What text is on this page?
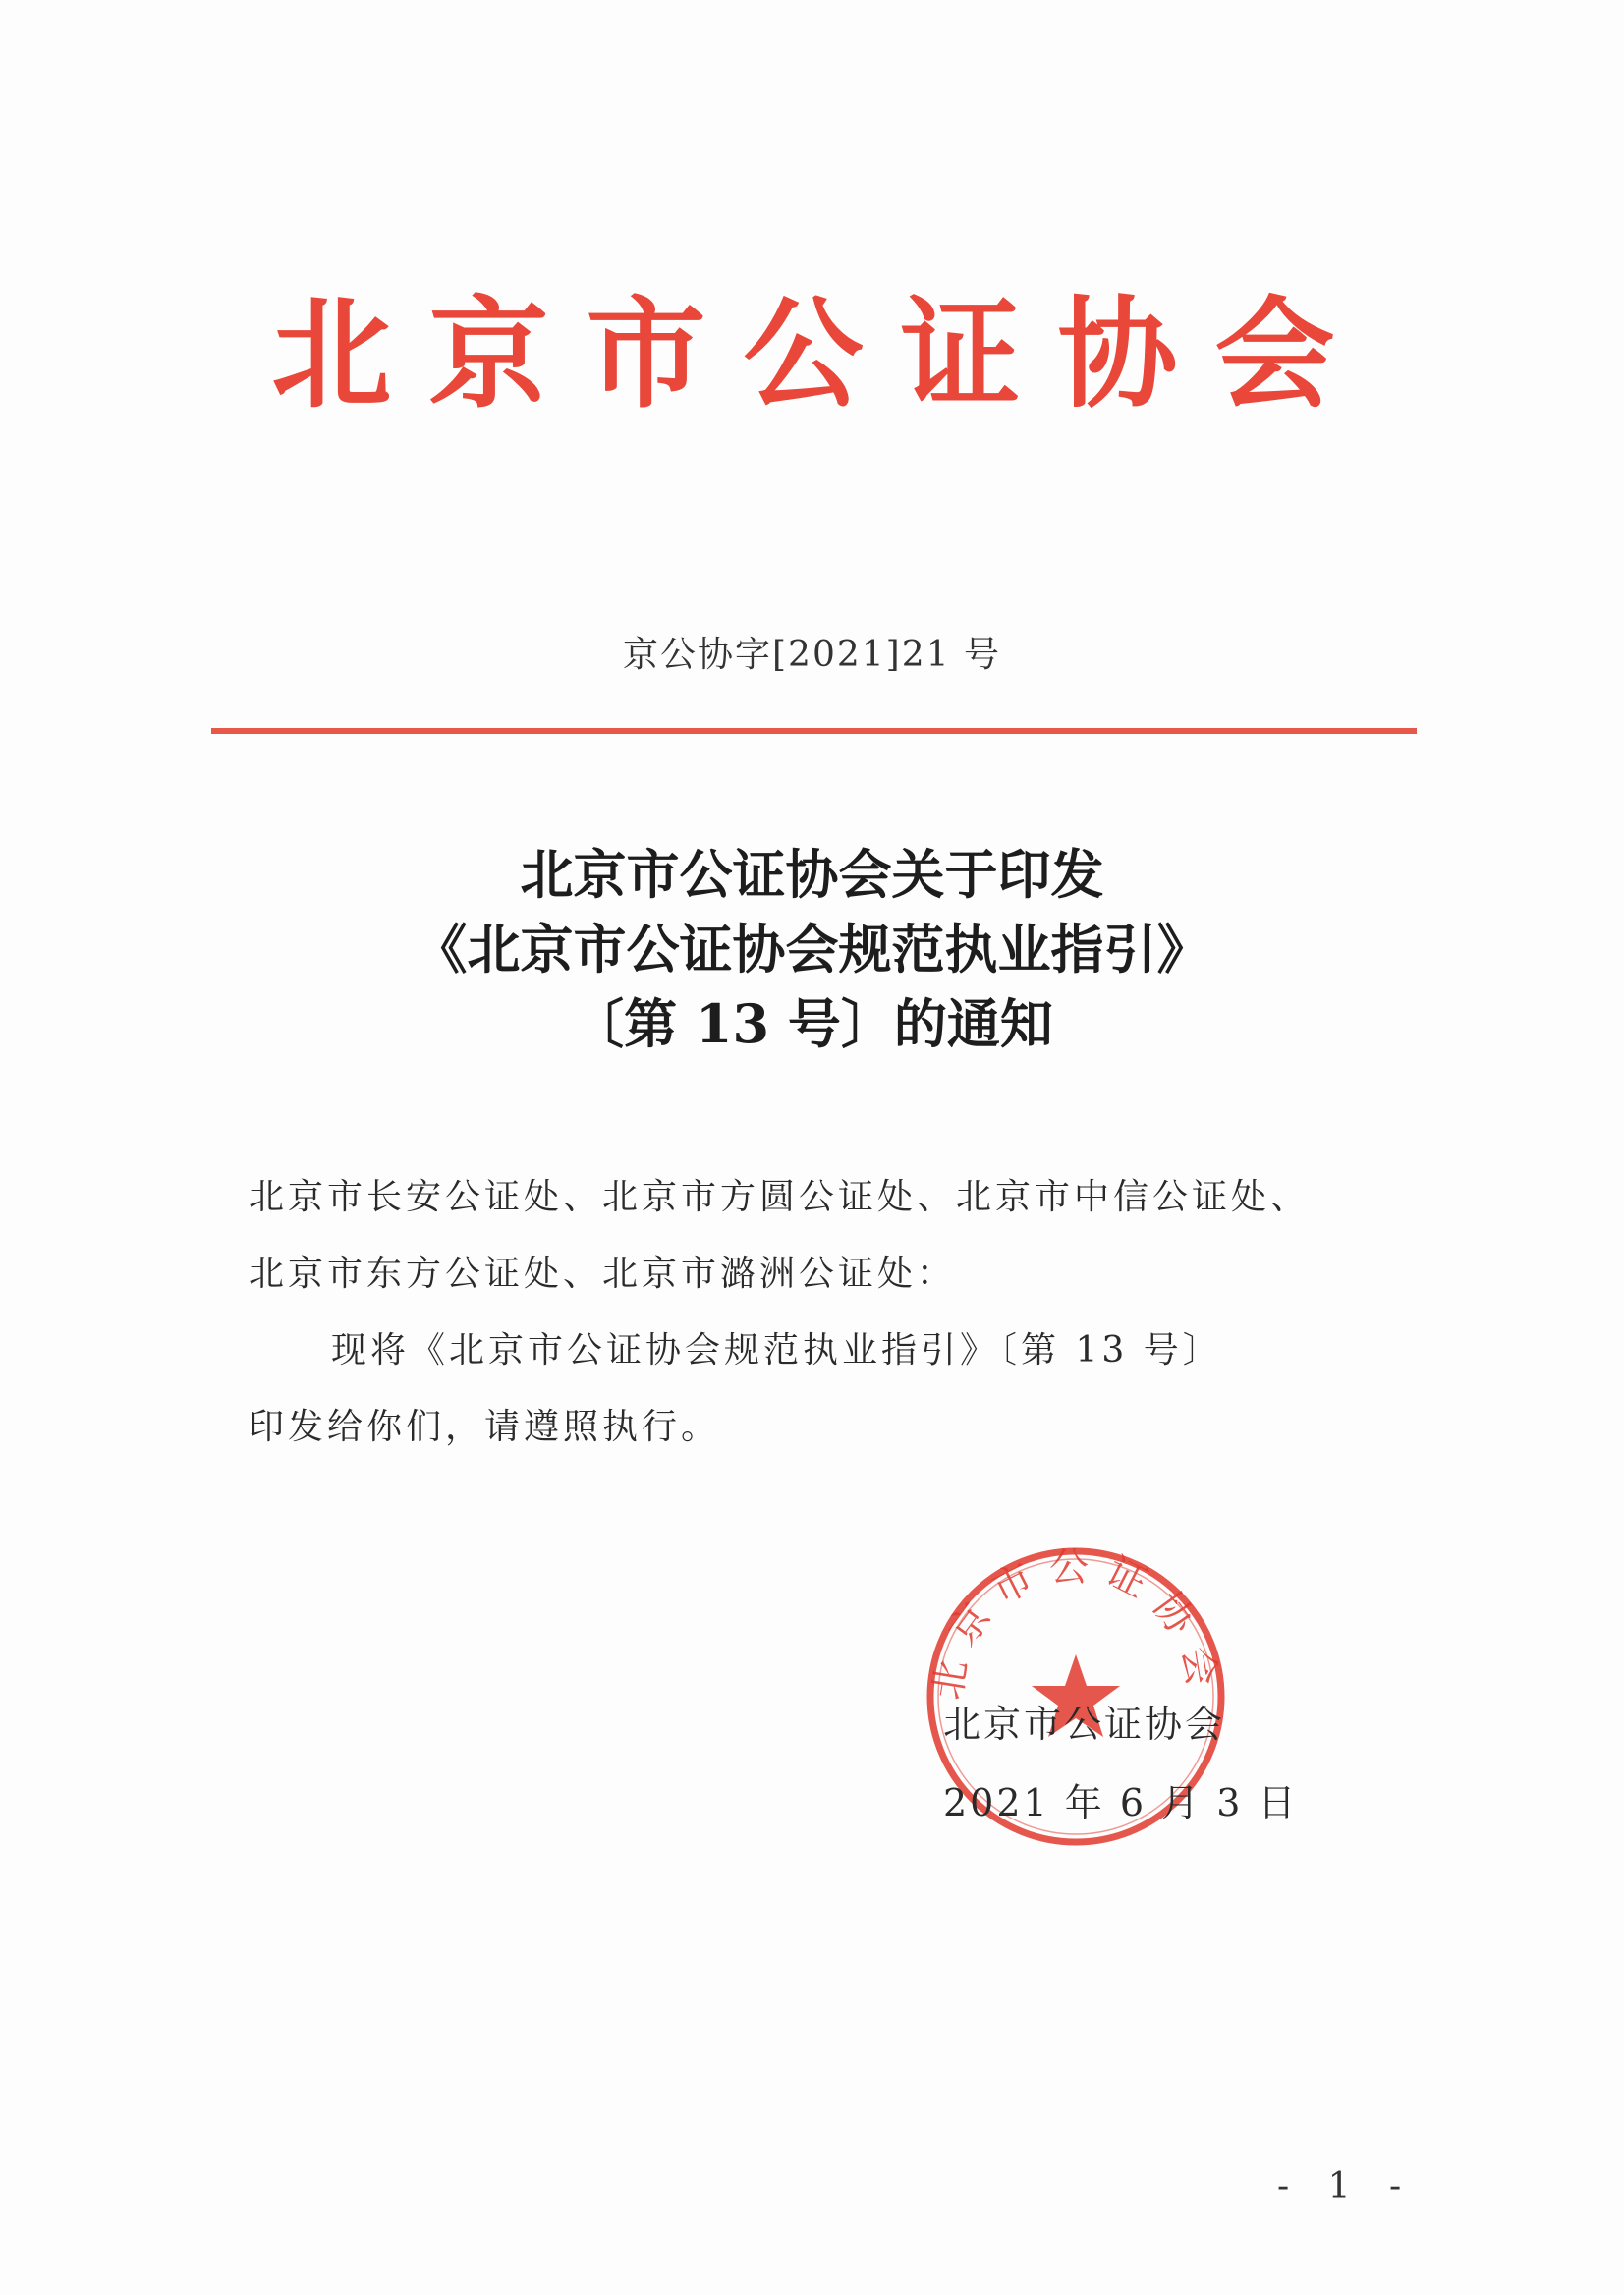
北京市公证协会
京公协字[2021]21 号
北京市公证协会关于印发
《北京市公证协会规范执业指引》
〔第 13 号〕的通知
北京市长安公证处、北京市方圆公证处、北京市中信公证处、
北京市东方公证处、北京市潞洲公证处：
现将《北京市公证协会规范执业指引》〔第 13 号〕
印发给你们，请遵照执行。
北京市公证协会
北京市公证协会
2021 年 6 月 3 日
- 1 -
